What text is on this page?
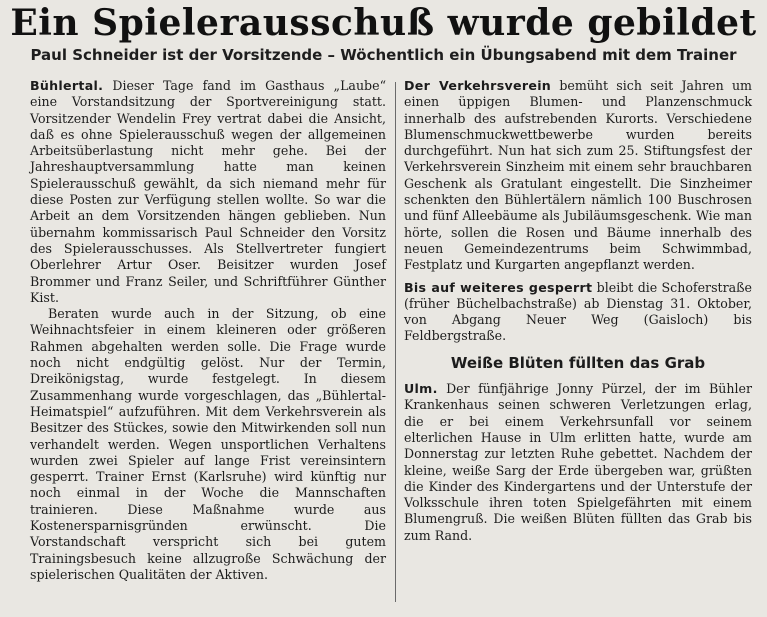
Ein Spielerausschuß wurde gebildet
Paul Schneider ist der Vorsitzende – Wöchentlich ein Übungsabend mit dem Trainer

Bühlertal. Dieser Tage fand im Gasthaus „Laube“ eine Vorstandsitzung der Sportvereinigung statt. Vorsitzender Wendelin Frey vertrat dabei die Ansicht, daß es ohne Spielerausschuß wegen der allgemeinen Arbeitsüberlastung nicht mehr gehe. Bei der Jahreshauptversammlung hatte man keinen Spielerausschuß gewählt, da sich niemand mehr für diese Posten zur Verfügung stellen wollte. So war die Arbeit an dem Vorsitzenden hängen geblieben. Nun übernahm kommissarisch Paul Schneider den Vorsitz des Spielerausschusses. Als Stellvertreter fungiert Oberlehrer Artur Oser. Beisitzer wurden Josef Brommer und Franz Seiler, und Schriftführer Günther Kist.

Beraten wurde auch in der Sitzung, ob eine Weihnachtsfeier in einem kleineren oder größeren Rahmen abgehalten werden solle. Die Frage wurde noch nicht endgültig gelöst. Nur der Termin, Dreikönigstag, wurde festgelegt. In diesem Zusammenhang wurde vorgeschlagen, das „Bühlertal-Heimatspiel“ aufzuführen. Mit dem Verkehrsverein als Besitzer des Stückes, sowie den Mitwirkenden soll nun verhandelt werden. Wegen unsportlichen Verhaltens wurden zwei Spieler auf lange Frist vereinsintern gesperrt. Trainer Ernst (Karlsruhe) wird künftig nur noch einmal in der Woche die Mannschaften trainieren. Diese Maßnahme wurde aus Kostenersparnisgründen erwünscht. Die Vorstandschaft verspricht sich bei gutem Trainingsbesuch keine allzugroße Schwächung der spielerischen Qualitäten der Aktiven.

Der Verkehrsverein bemüht sich seit Jahren um einen üppigen Blumen- und Planzenschmuck innerhalb des aufstrebenden Kurorts. Verschiedene Blumenschmuckwettbewerbe wurden bereits durchgeführt. Nun hat sich zum 25. Stiftungsfest der Verkehrsverein Sinzheim mit einem sehr brauchbaren Geschenk als Gratulant eingestellt. Die Sinzheimer schenkten den Bühlertälern nämlich 100 Buschrosen und fünf Alleebäume als Jubiläumsgeschenk. Wie man hörte, sollen die Rosen und Bäume innerhalb des neuen Gemeindezentrums beim Schwimmbad, Festplatz und Kurgarten angepflanzt werden.

Bis auf weiteres gesperrt bleibt die Schoferstraße (früher Büchelbachstraße) ab Dienstag 31. Oktober, von Abgang Neuer Weg (Gaisloch) bis Feldbergstraße.

Weiße Blüten füllten das Grab

Ulm. Der fünfjährige Jonny Pürzel, der im Bühler Krankenhaus seinen schweren Verletzungen erlag, die er bei einem Verkehrsunfall vor seinem elterlichen Hause in Ulm erlitten hatte, wurde am Donnerstag zur letzten Ruhe gebettet. Nachdem der kleine, weiße Sarg der Erde übergeben war, grüßten die Kinder des Kindergartens und der Unterstufe der Volksschule ihren toten Spielgefährten mit einem Blumengruß. Die weißen Blüten füllten das Grab bis zum Rand.
